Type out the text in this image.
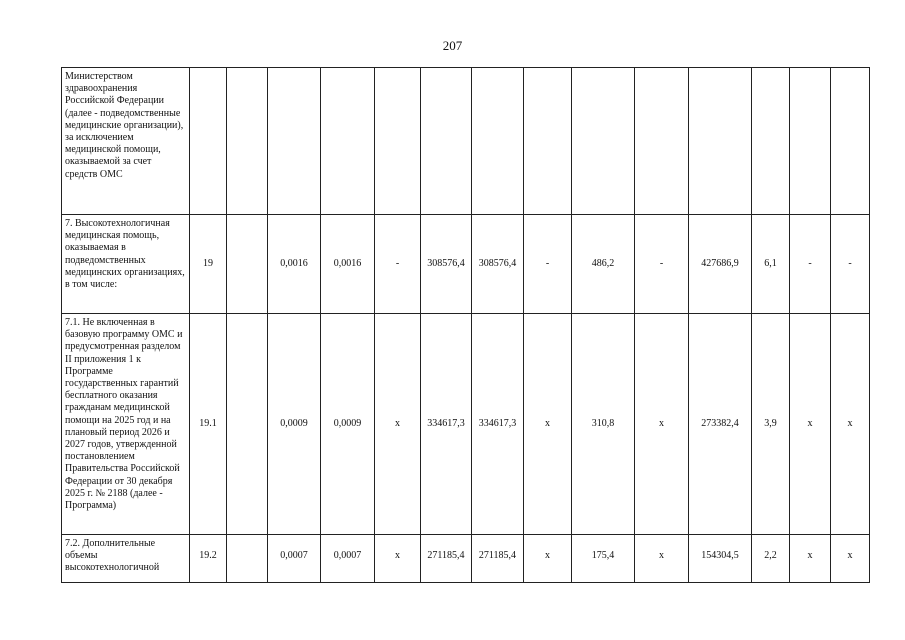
207
Министерством здравоохранения Российской Федерации (далее - подведомственные медицинские организации), за исключением медицинской помощи, оказываемой за счет средств ОМС														
7. Высокотехнологичная медицинская помощь, оказываемая в подведомственных медицинских организациях, в том числе:	19		0,0016	0,0016	-	308576,4	308576,4	-	486,2	-	427686,9	6,1	-	-
7.1. Не включенная в базовую программу ОМС и предусмотренная разделом II приложения 1 к Программе государственных гарантий бесплатного оказания гражданам медицинской помощи на 2025 год и на плановый период 2026 и 2027 годов, утвержденной постановлением Правительства Российской Федерации от 30 декабря 2025 г. № 2188 (далее - Программа)	19.1		0,0009	0,0009	х	334617,3	334617,3	х	310,8	х	273382,4	3,9	х	х
7.2. Дополнительные объемы высокотехнологичной	19.2		0,0007	0,0007	х	271185,4	271185,4	х	175,4	х	154304,5	2,2	х	х
